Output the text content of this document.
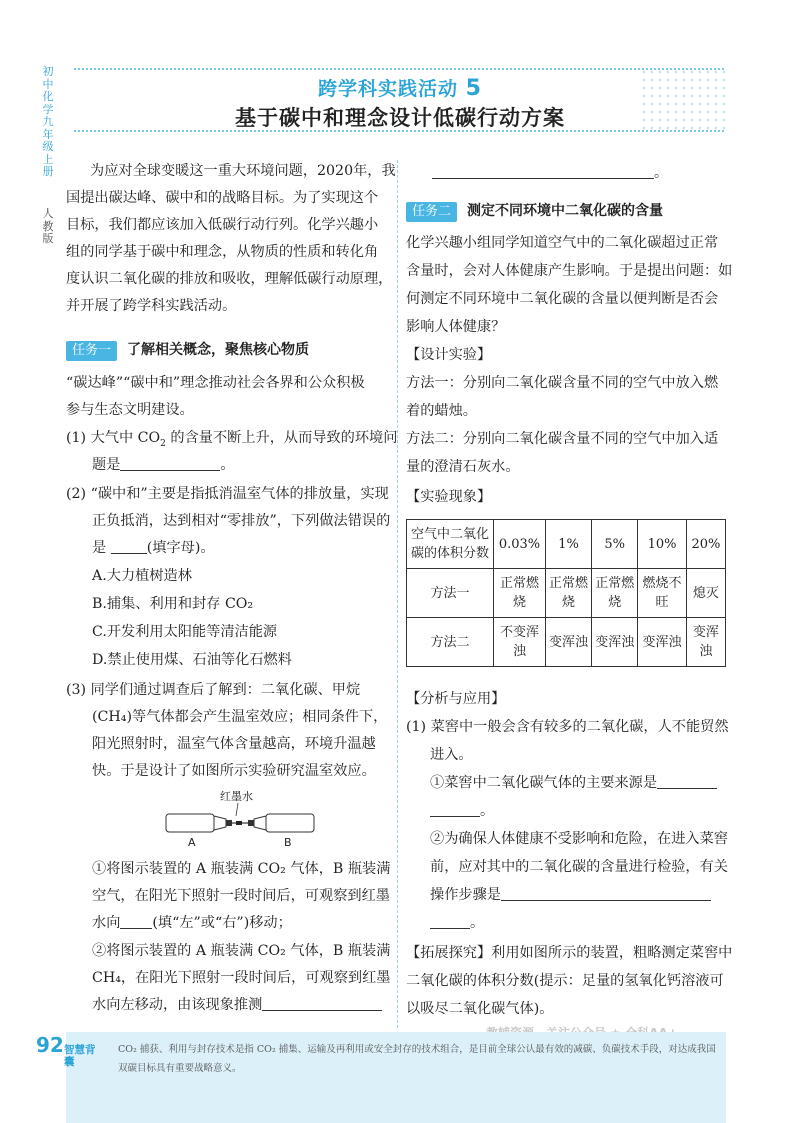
跨学科实践活动 5
基于碳中和理念设计低碳行动方案
初中化学 九年级 上册
人教版
为应对全球变暖这一重大环境问题，2020年，我
国提出碳达峰、碳中和的战略目标。为了实现这个
目标，我们都应该加入低碳行动行列。化学兴趣小
组的同学基于碳中和理念，从物质的性质和转化角
度认识二氧化碳的排放和吸收，理解低碳行动原理，
并开展了跨学科实践活动。
任务一 了解相关概念，聚焦核心物质
“碳达峰”“碳中和”理念推动社会各界和公众积极
参与生态文明建设。
(1) 大气中 $CO_2$ 的含量不断上升，从而导致的环境问
题是	。
(2) “碳中和”主要是指抵消温室气体的排放量，实现
正负抵消，达到相对“零排放”，下列做法错误的
是	(填字母)。
A.大力植树造林
B.捕集、利用和封存 CO₂
C.开发利用太阳能等清洁能源
D.禁止使用煤、石油等化石燃料
(3) 同学们通过调查后了解到：二氧化碳、甲烷
(CH₄)等气体都会产生温室效应；相同条件下，
阳光照射时，温室气体含量越高，环境升温越
快。于是设计了如图所示实验研究温室效应。
红墨水
A	B
①将图示装置的 A 瓶装满 CO₂ 气体，B 瓶装满
空气，在阳光下照射一段时间后，可观察到红墨
水向 (填“左”或“右”)移动；
②将图示装置的 A 瓶装满 CO₂ 气体，B 瓶装满
CH₄，在阳光下照射一段时间后，可观察到红墨
水向左移动，由该现象推测
。
任务二 测定不同环境中二氧化碳的含量
化学兴趣小组同学知道空气中的二氧化碳超过正常
含量时，会对人体健康产生影响。于是提出问题：如
何测定不同环境中二氧化碳的含量以便判断是否会
影响人体健康？
【设计实验】
方法一：分别向二氧化碳含量不同的空气中放入燃
着的蜡烛。
方法二：分别向二氧化碳含量不同的空气中加入适
量的澄清石灰水。
【实验现象】
空气中二氧化碳的体积分数	0.03%	1%	5%	10%	20%
方法一	正常燃烧	正常燃烧	正常燃烧	燃烧不旺	熄灭
方法二	不变浑浊	变浑浊	变浑浊	变浑浊	变浑浊
【分析与应用】
(1) 菜窖中一般会含有较多的二氧化碳，人不能贸然
进入。
①菜窖中二氧化碳气体的主要来源是
。
②为确保人体健康不受影响和危险，在进入菜窖
前，应对其中的二氧化碳的含量进行检验，有关
操作步骤是
。
【拓展探究】利用如图所示的装置，粗略测定菜窖中
二氧化碳的体积分数(提示：足量的氢氧化钙溶液可
以吸尽二氧化碳气体)。
92 智慧背囊
CO₂ 捕获、利用与封存技术是指 CO₂ 捕集、运输及再利用或安全封存的技术组合，是目前全球公认最有效的减碳、负碳技术手段，对达成我国双碳目标具有重要战略意义。
